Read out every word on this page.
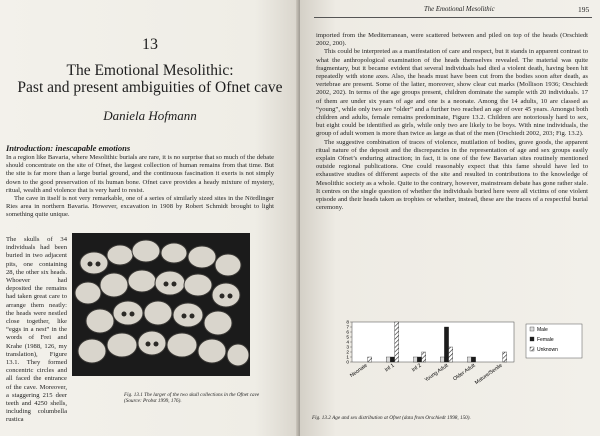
13
The Emotional Mesolithic:
Past and present ambiguities of Ofnet cave
Daniela Hofmann
Introduction: inescapable emotions

In a region like Bavaria, where Mesolithic burials are rare, it is no surprise that so much of the debate should concentrate on the site of Ofnet, the largest collection of human remains from that time. But the site is far more than a large burial ground, and the continuous fascination it exerts is not simply down to the good preservation of its human bone. Ofnet cave provides a heady mixture of mystery, ritual, wealth and violence that is very hard to resist.

The cave in itself is not very remarkable, one of a series of similarly sized sites in the Nördlinger Ries area in northern Bavaria. However, excavation in 1908 by Robert Schmidt brought to light something quite unique.

The skulls of 34 individuals had been buried in two adjacent pits, one containing 28, the other six heads. Whoever had deposited the remains had taken great care to arrange them neatly: the heads were nestled close together, like “eggs in a nest” in the words of Frei and Krahe (1988, 126, my translation), Figure 13.1. They formed concentric circles and all faced the entrance of the cave. Moreover, a staggering 215 deer teeth and 4250 shells, including columbella rustica

Fig. 13.1 The larger of the two skull collections in the Ofnet cave (Source: Probst 1999, 176).
The Emotional Mesolithic	195

imported from the Mediterranean, were scattered between and piled on top of the heads (Orschiedt 2002, 200).

This could be interpreted as a manifestation of care and respect, but it stands in apparent contrast to what the anthropological examination of the heads themselves revealed. The material was quite fragmentary, but it became evident that several individuals had died a violent death, having been hit repeatedly with stone axes. Also, the heads must have been cut from the bodies soon after death, as vertebrae are present. Some of the latter, moreover, show clear cut marks (Mollison 1936; Orschiedt 2002, 202). In terms of the age groups present, children dominate the sample with 20 individuals. 17 of them are under six years of age and one is a neonate. Among the 14 adults, 10 are classed as “young”, while only two are “older” and a further two reached an age of over 45 years. Amongst both children and adults, female remains predominate, Figure 13.2. Children are notoriously hard to sex, but eight could be identified as girls, while only two are likely to be boys. With nine individuals, the group of adult women is more than twice as large as that of the men (Orschiedt 2002, 203; Fig. 13.2).

The suggestive combination of traces of violence, mutilation of bodies, grave goods, the apparent ritual nature of the deposit and the discrepancies in the representation of age and sex groups easily explain Ofnet’s enduring attraction; in fact, it is one of the few Bavarian sites routinely mentioned outside regional publications. One could reasonably expect that this fame should have led to exhaustive studies of different aspects of the site and resulted in contributions to the knowledge of Mesolithic society as a whole. Quite to the contrary, however, mainstream debate has gone rather stale. It centres on the single question of whether the individuals buried here were all victims of one violent episode and their heads taken as trophies or whether, instead, these are the traces of a respectful burial ceremony.

0
1
2
3
4
5
6
7
8
Neonate	Inf 1	Inf 2 Young Adult Older Adult
Mature/Senile
Male
Female
Unknown
Fig. 13.2 Age and sex distribution at Ofnet (data from Orschiedt 1998, 150).
